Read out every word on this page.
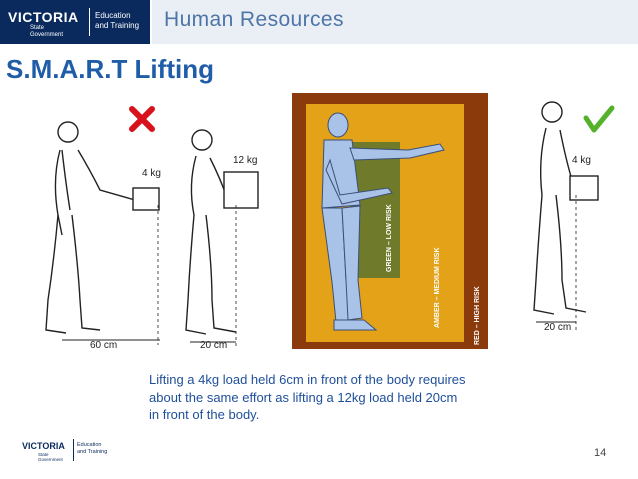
VICTORIA
State
Government
Education
and Training Human Resources
S.M.A.R.T Lifting
4 kg
60 cm
12 kg
20 cm
GREEN – LOW RISK
AMBER – MEDIUM RISK	RED – HIGH RISK
4 kg
20 cm
Lifting a 4kg load held 6cm in front of the body requires about the same effort as lifting a 12kg load held 20cm in front of the body.
VICTORIA
State
Government
Education
and Training	14
